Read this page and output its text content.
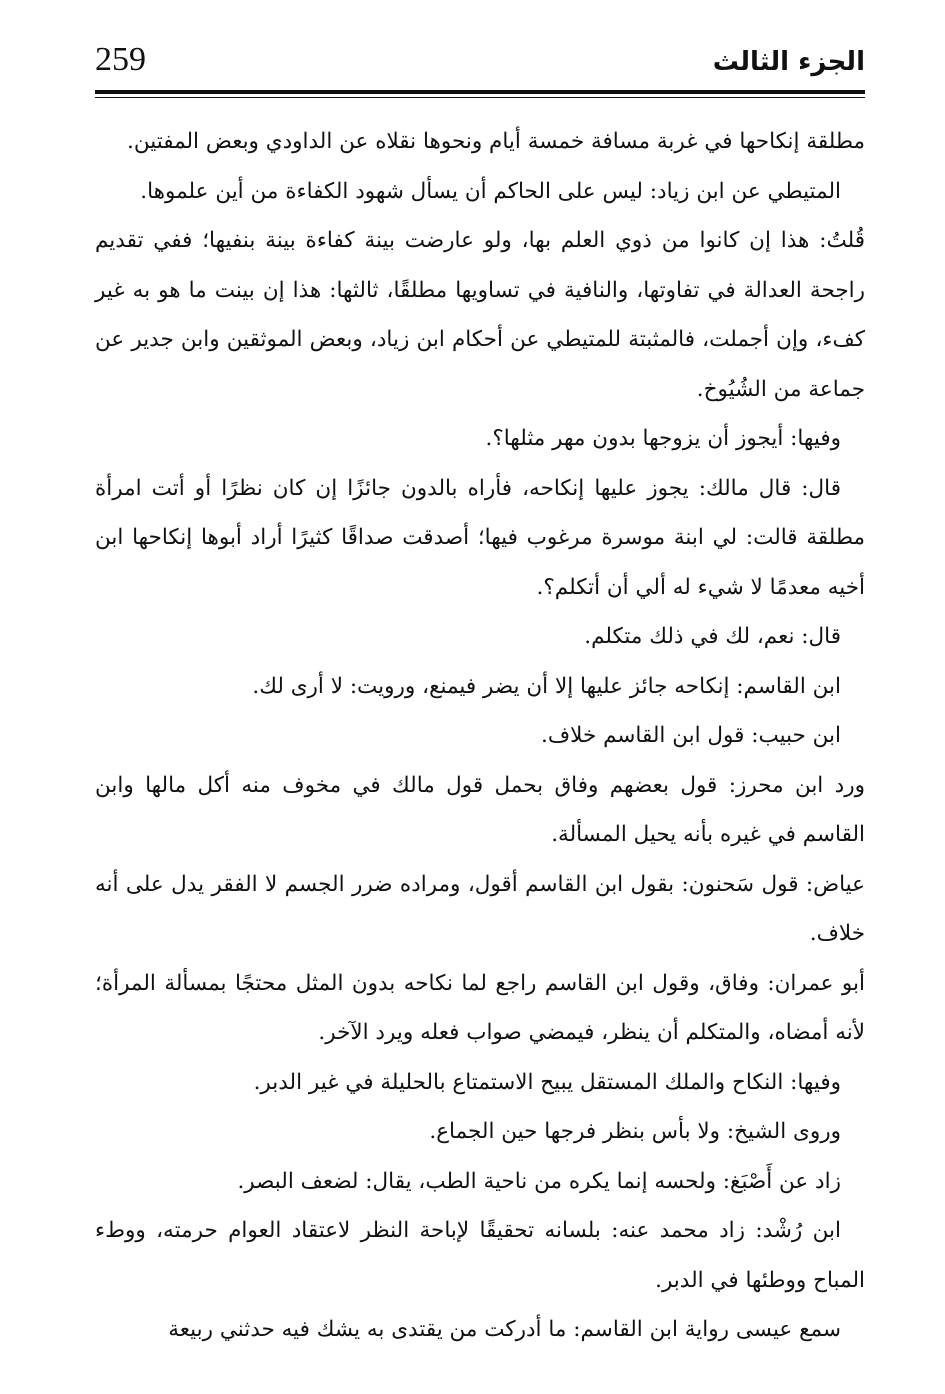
259	الجزء الثالث

مطلقة إنكاحها في غربة مسافة خمسة أيام ونحوها نقلاه عن الداودي وبعض المفتين.

المتيطي عن ابن زياد: ليس على الحاكم أن يسأل شهود الكفاءة من أين علموها.

قُلتُ: هذا إن كانوا من ذوي العلم بها، ولو عارضت بينة كفاءة بينة بنفيها؛ ففي تقديم راجحة العدالة في تفاوتها، والنافية في تساويها مطلقًا، ثالثها: هذا إن بينت ما هو به غير كفء، وإن أجملت، فالمثبتة للمتيطي عن أحكام ابن زياد، وبعض الموثقين وابن جدير عن جماعة من الشُيُوخ.

وفيها: أيجوز أن يزوجها بدون مهر مثلها؟.

قال: قال مالك: يجوز عليها إنكاحه، فأراه بالدون جائزًا إن كان نظرًا أو أتت امرأة مطلقة قالت: لي ابنة موسرة مرغوب فيها؛ أصدقت صداقًا كثيرًا أراد أبوها إنكاحها ابن أخيه معدمًا لا شيء له ألي أن أتكلم؟.

قال: نعم، لك في ذلك متكلم.

ابن القاسم: إنكاحه جائز عليها إلا أن يضر فيمنع، ورويت: لا أرى لك.

ابن حبيب: قول ابن القاسم خلاف.

ورد ابن محرز: قول بعضهم وفاق بحمل قول مالك في مخوف منه أكل مالها وابن القاسم في غيره بأنه يحيل المسألة.

عياض: قول سَحنون: بقول ابن القاسم أقول، ومراده ضرر الجسم لا الفقر يدل على أنه خلاف.

أبو عمران: وفاق، وقول ابن القاسم راجع لما نكاحه بدون المثل محتجًا بمسألة المرأة؛ لأنه أمضاه، والمتكلم أن ينظر، فيمضي صواب فعله ويرد الآخر.

وفيها: النكاح والملك المستقل يبيح الاستمتاع بالحليلة في غير الدبر.

وروى الشيخ: ولا بأس بنظر فرجها حين الجماع.

زاد عن أَصْبَغ: ولحسه إنما يكره من ناحية الطب، يقال: لضعف البصر.

ابن رُشْد: زاد محمد عنه: بلسانه تحقيقًا لإباحة النظر لاعتقاد العوام حرمته، ووطء المباح ووطئها في الدبر.

سمع عيسى رواية ابن القاسم: ما أدركت من يقتدى به يشك فيه حدثني ربيعة
